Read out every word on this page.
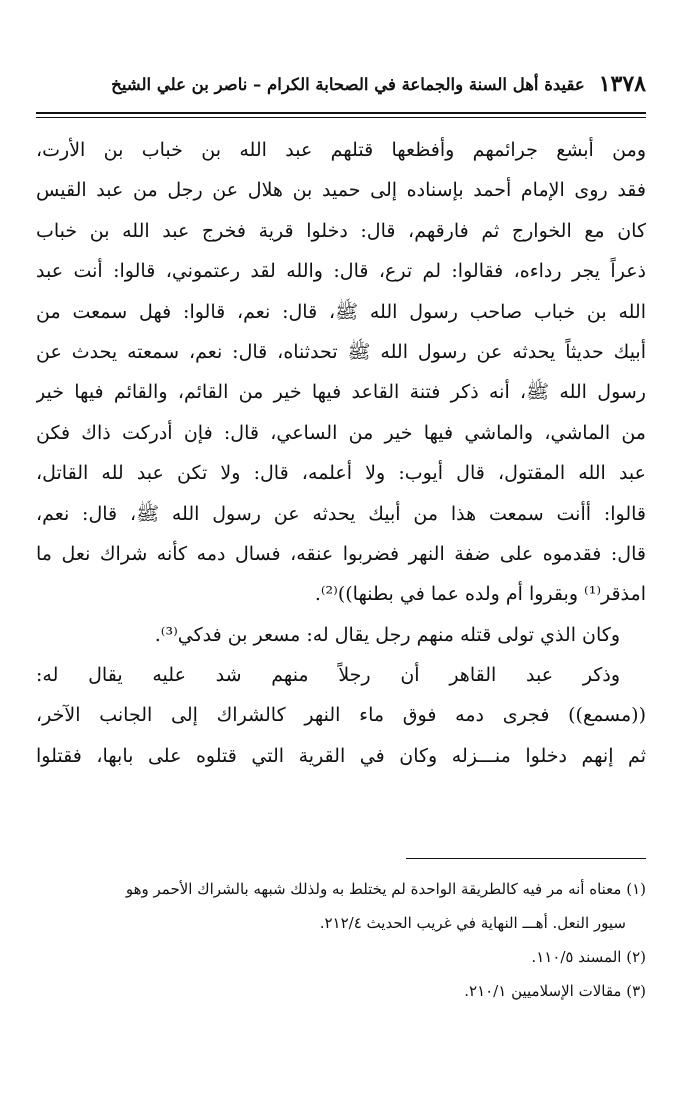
١٣٧٨
عقيدة أهل السنة والجماعة في الصحابة الكرام – ناصر بن علي الشيخ
ومن أبشع جرائمهم وأفظعها قتلهم عبد الله بن خباب بن الأرت،
فقد روى الإمام أحمد بإسناده إلى حميد بن هلال عن رجل من عبد القيس
كان مع الخوارج ثم فارقهم، قال: دخلوا قرية فخرج عبد الله بن خباب
ذعراً يجر رداءه، فقالوا: لم ترع، قال: والله لقد رعتموني، قالوا: أنت عبد
الله بن خباب صاحب رسول الله ﷺ، قال: نعم، قالوا: فهل سمعت من
أبيك حديثاً يحدثه عن رسول الله ﷺ تحدثناه، قال: نعم، سمعته يحدث عن
رسول الله ﷺ، أنه ذكر فتنة القاعد فيها خير من القائم، والقائم فيها خير
من الماشي، والماشي فيها خير من الساعي، قال: فإن أدركت ذاك فكن
عبد الله المقتول، قال أيوب: ولا أعلمه، قال: ولا تكن عبد لله القاتل،
قالوا: أأنت سمعت هذا من أبيك يحدثه عن رسول الله ﷺ، قال: نعم،
قال: فقدموه على ضفة النهر فضربوا عنقه، فسال دمه كأنه شراك نعل ما
امذقر⁽¹⁾ وبقروا أم ولده عما في بطنها))⁽²⁾.
وكان الذي تولى قتله منهم رجل يقال له: مسعر بن فدكي⁽³⁾.
وذكر عبد القاهر أن رجلاً منهم شد عليه يقال له:
((مسمع)) فجرى دمه فوق ماء النهر كالشراك إلى الجانب الآخر،
ثم إنهم دخلوا منـــزله وكان في القرية التي قتلوه على بابها، فقتلوا
(١) معناه أنه مر فيه كالطريقة الواحدة لم يختلط به ولذلك شبهه بالشراك الأحمر وهو
سيور النعل. أهـــ النهاية في غريب الحديث ٢١٢/٤.
(٢) المسند ١١٠/٥.
(٣) مقالات الإسلاميين ٢١٠/١.
